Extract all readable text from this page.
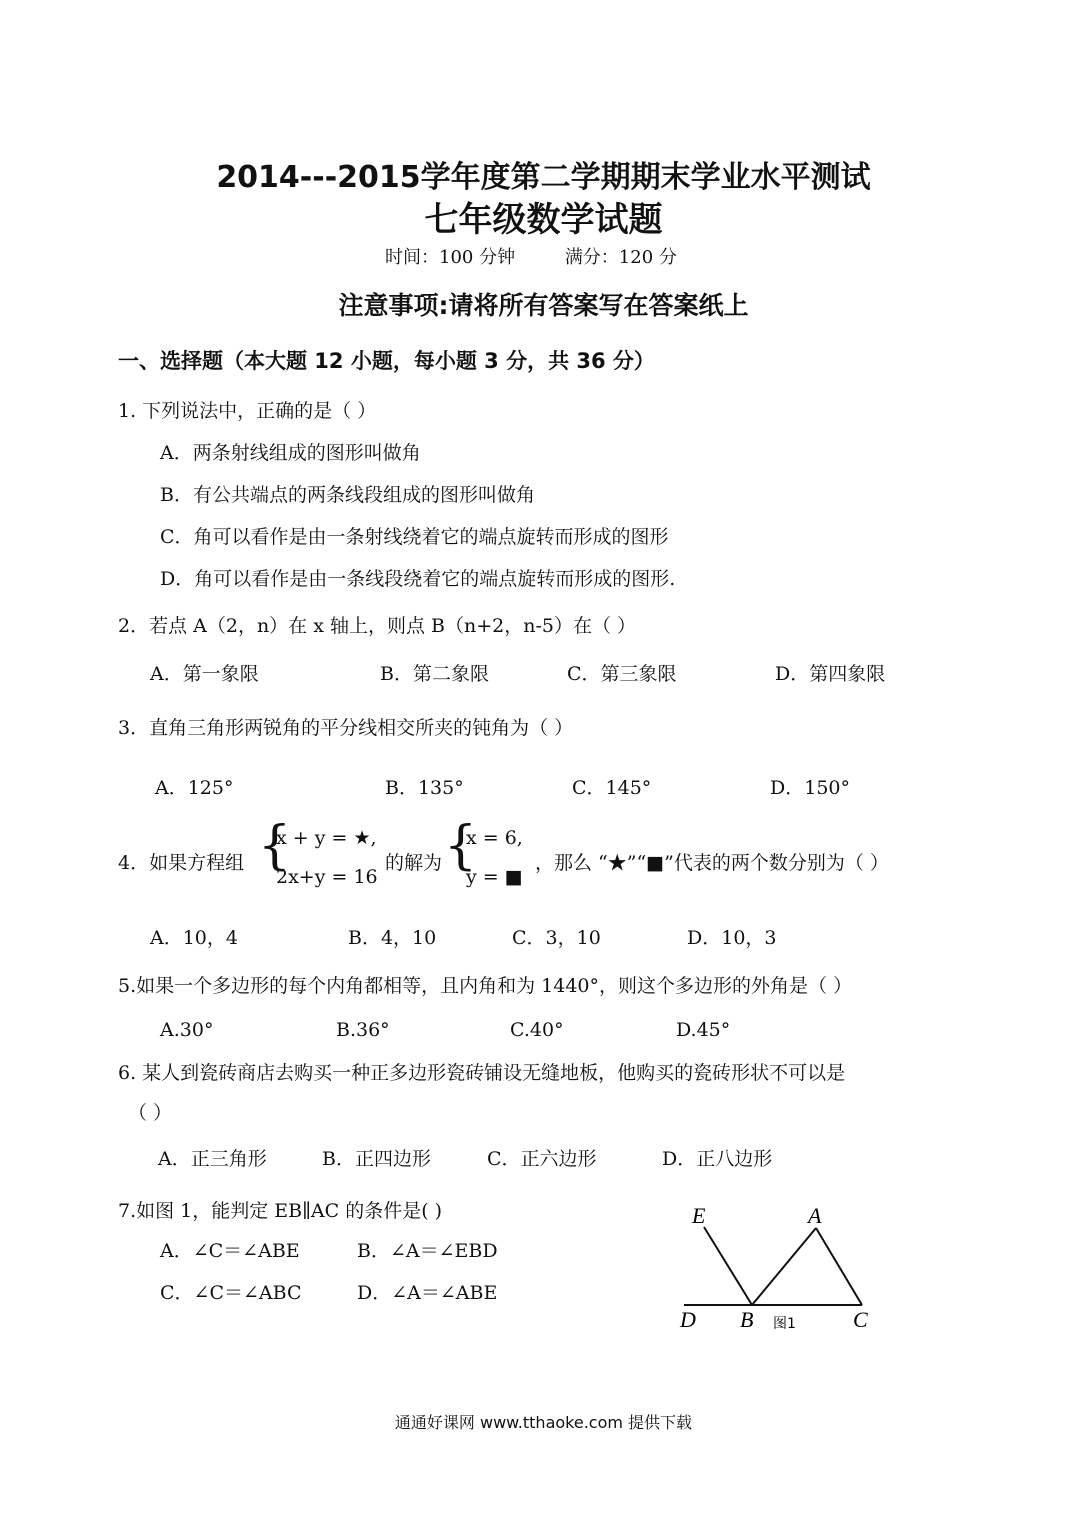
2014---2015学年度第二学期期末学业水平测试
七年级数学试题
时间：100 分钟	满分：120 分
注意事项:请将所有答案写在答案纸上
一、选择题（本大题 12 小题，每小题 3 分，共 36 分）
1. 下列说法中，正确的是（ ）
A．两条射线组成的图形叫做角
B．有公共端点的两条线段组成的图形叫做角
C．角可以看作是由一条射线绕着它的端点旋转而形成的图形
D．角可以看作是由一条线段绕着它的端点旋转而形成的图形.
2．若点 A（2，n）在 x 轴上，则点 B（n+2，n-5）在（ ）
A．第一象限	B．第二象限	C．第三象限	D．第四象限
3．直角三角形两锐角的平分线相交所夹的钝角为（ ）
A．125°	B．135°	C．145°	D．150°
4．如果方程组 {
x + y = ★,
2x+y = 16
的解为 {
x = 6,
y = ■
，那么 “★”“■”代表的两个数分别为（ ）
A．10，4	B．4，10	C．3，10	D．10，3
5.如果一个多边形的每个内角都相等，且内角和为 1440°，则这个多边形的外角是（ ）
A.30°	B.36°	C.40°	D.45°
6. 某人到瓷砖商店去购买一种正多边形瓷砖铺设无缝地板，他购买的瓷砖形状不可以是
（ ）
A．正三角形	B．正四边形	C．正六边形	D．正八边形
7.如图 1，能判定 EB∥AC 的条件是( )
A．∠C＝∠ABE	B．∠A＝∠EBD
C．∠C＝∠ABC	D．∠A＝∠ABE
E	A
D B	C
图1
通通好课网 www.tthaoke.com 提供下载
